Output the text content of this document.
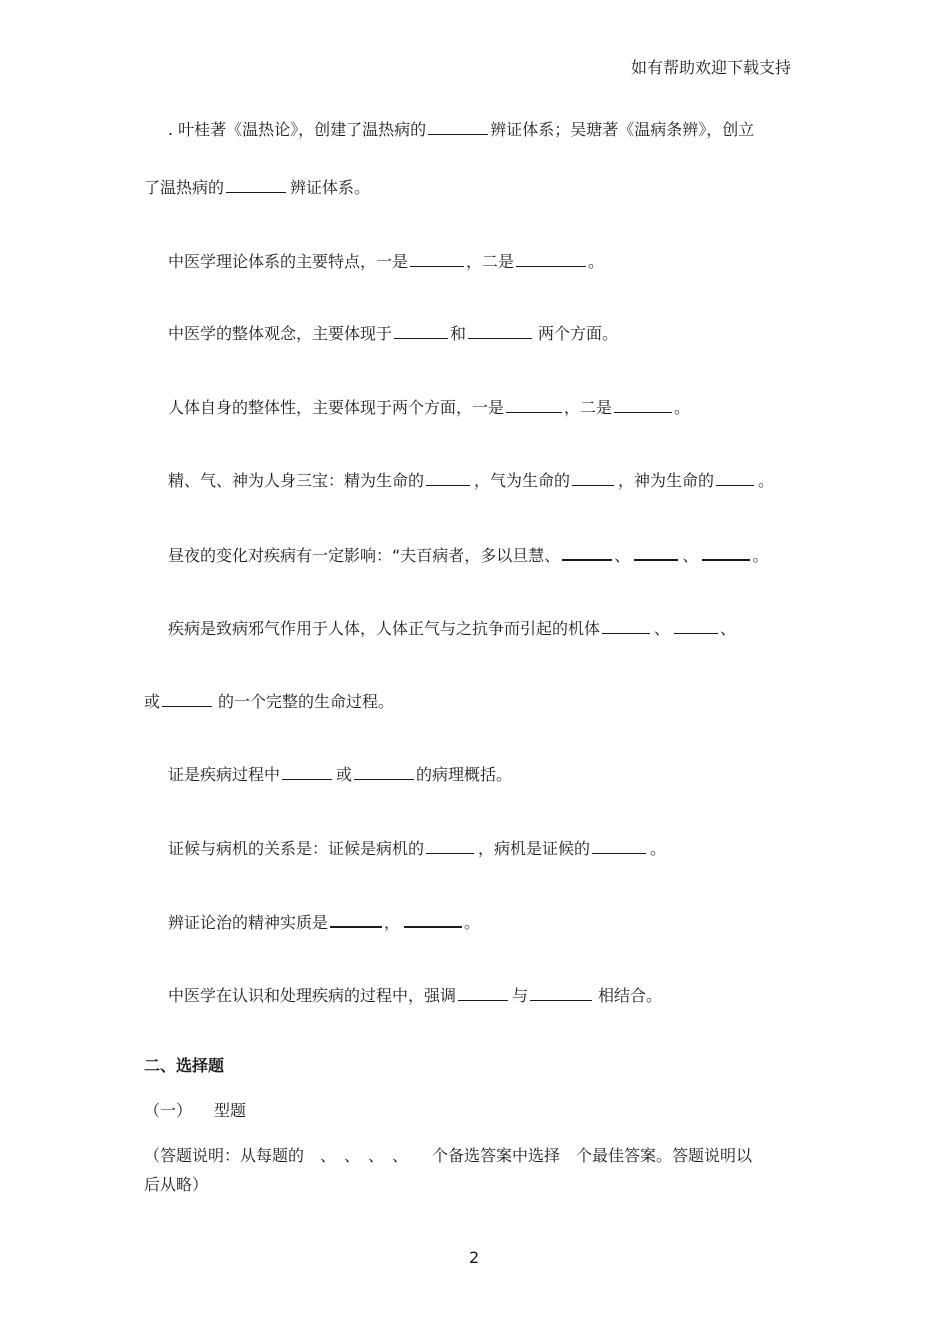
如有帮助欢迎下载支持
. 叶桂著《温热论》，创建了温热病的	辨证体系；吴瑭著《温病条辨》，创立
了温热病的	辨证体系。
中医学理论体系的主要特点，一是	，二是	。
中医学的整体观念，主要体现于	和	两个方面。
人体自身的整体性，主要体现于两个方面，一是	，二是	。
精、气、神为人身三宝：精为生命的	，气为生命的	，神为生命的	。
昼夜的变化对疾病有一定影响：“夫百病者，多以旦慧、	、	、	。
疾病是致病邪气作用于人体，人体正气与之抗争而引起的机体	、	、
或	的一个完整的生命过程。
证是疾病过程中	或	的病理概括。
证候与病机的关系是：证候是病机的	，病机是证候的	。
辨证论治的精神实质是	，	。
中医学在认识和处理疾病的过程中，强调	与	相结合。
二、选择题
（一） 型题
（答题说明：从每题的　、　、　、　、　　个备选答案中选择　个最佳答案。答题说明以
后从略）
2
